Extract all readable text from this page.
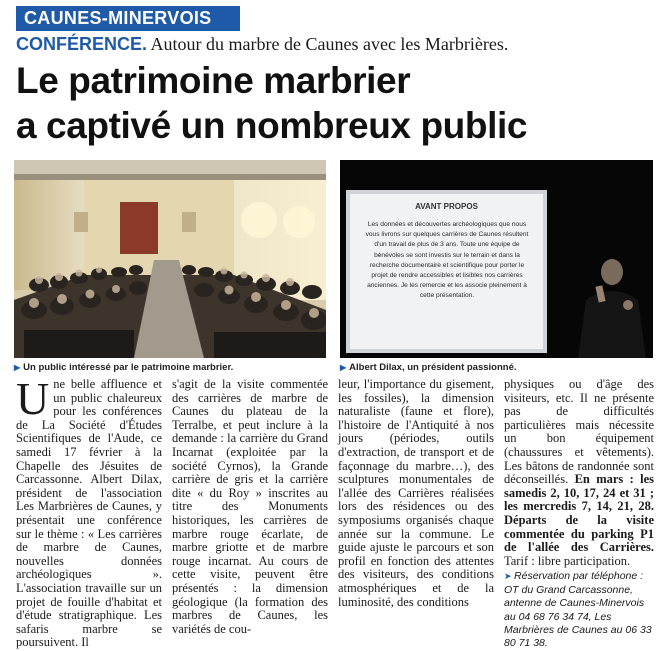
CAUNES-MINERVOIS
CONFÉRENCE. Autour du marbre de Caunes avec les Marbrières.
Le patrimoine marbrier
a captivé un nombreux public
AVANT PROPOS
Les données et découvertes archéologiques que nous vous livrons sur quelques carrières de Caunes résultent d'un travail de plus de 3 ans. Toute une équipe de bénévoles se sont investis sur le terrain et dans la recherche documentaire et scientifique pour porter le projet de rendre accessibles et lisibles nos carrières anciennes. Je les remercie et les associe pleinement à cette présentation.
▶ Un public intéressé par le patrimoine marbrier.	▶ Albert Dilax, un président passionné.
Une belle affluence et un public chaleureux pour les conférences de La Société d'Études Scientifiques de l'Aude, ce samedi 17 février à la Chapelle des Jésuites de Carcassonne. Albert Dilax, président de l'association Les Marbrières de Caunes, y présentait une conférence sur le thème : « Les carrières de marbre de Caunes, nouvelles données archéologiques ». L'association travaille sur un projet de fouille d'habitat et d'étude stratigraphique. Les safaris marbre se poursuivent. Il
s'agit de la visite commentée des carrières de marbre de Caunes du plateau de la Terralbe, et peut inclure à la demande : la carrière du Grand Incarnat (exploitée par la société Cyrnos), la Grande carrière de gris et la carrière dite « du Roy » inscrites au titre des Monuments historiques, les carrières de marbre rouge écarlate, de marbre griotte et de marbre rouge incarnat. Au cours de cette visite, peuvent être présentés : la dimension géologique (la formation des marbres de Caunes, les variétés de cou-
leur, l'importance du gisement, les fossiles), la dimension naturaliste (faune et flore), l'histoire de l'Antiquité à nos jours (périodes, outils d'extraction, de transport et de façonnage du marbre…), des sculptures monumentales de l'allée des Carrières réalisées lors des résidences ou des symposiums organisés chaque année sur la commune. Le guide ajuste le parcours et son profil en fonction des attentes des visiteurs, des conditions atmosphériques et de la luminosité, des conditions
physiques ou d'âge des visiteurs, etc. Il ne présente pas de difficultés particulières mais nécessite un bon équipement (chaussures et vêtements). Les bâtons de randonnée sont déconseillés. En mars : les samedis 2, 10, 17, 24 et 31 ; les mercredis 7, 14, 21, 28. Départs de la visite commentée du parking P1 de l'allée des Carrières. Tarif : libre participation.
➤ Réservation par téléphone : OT du Grand Carcassonne, antenne de Caunes-Minervois au 04 68 76 34 74, Les Marbrières de Caunes au 06 33 80 71 38.
